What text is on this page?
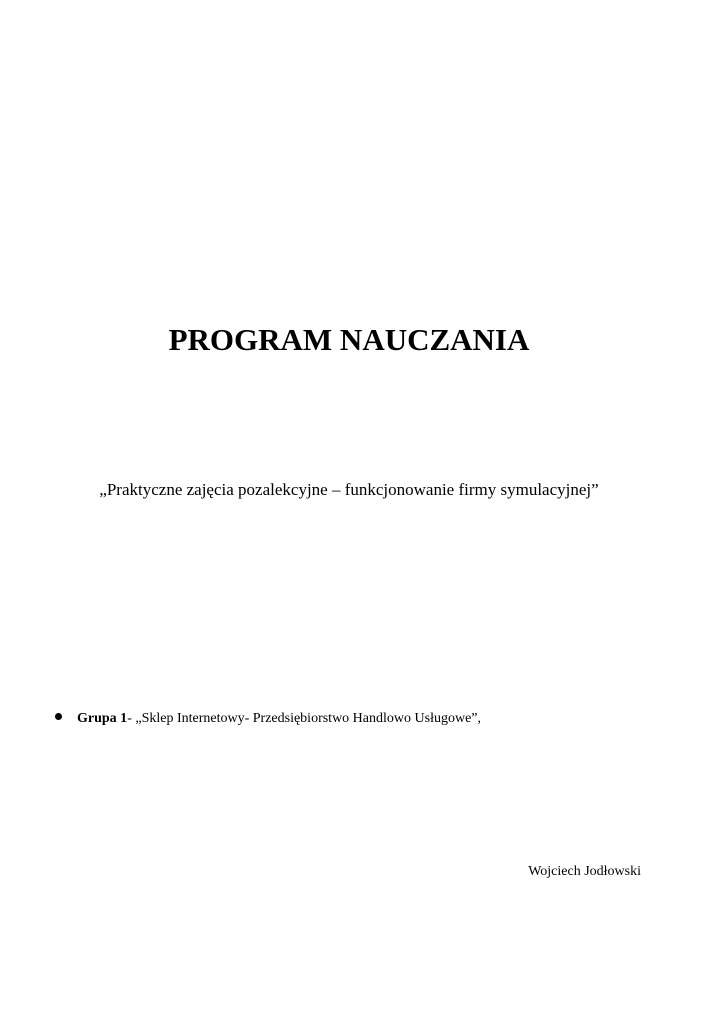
PROGRAM NAUCZANIA
„Praktyczne zajęcia pozalekcyjne – funkcjonowanie firmy symulacyjnej”
Grupa 1- „Sklep Internetowy- Przedsiębiorstwo Handlowo Usługowe”,
Wojciech Jodłowski
